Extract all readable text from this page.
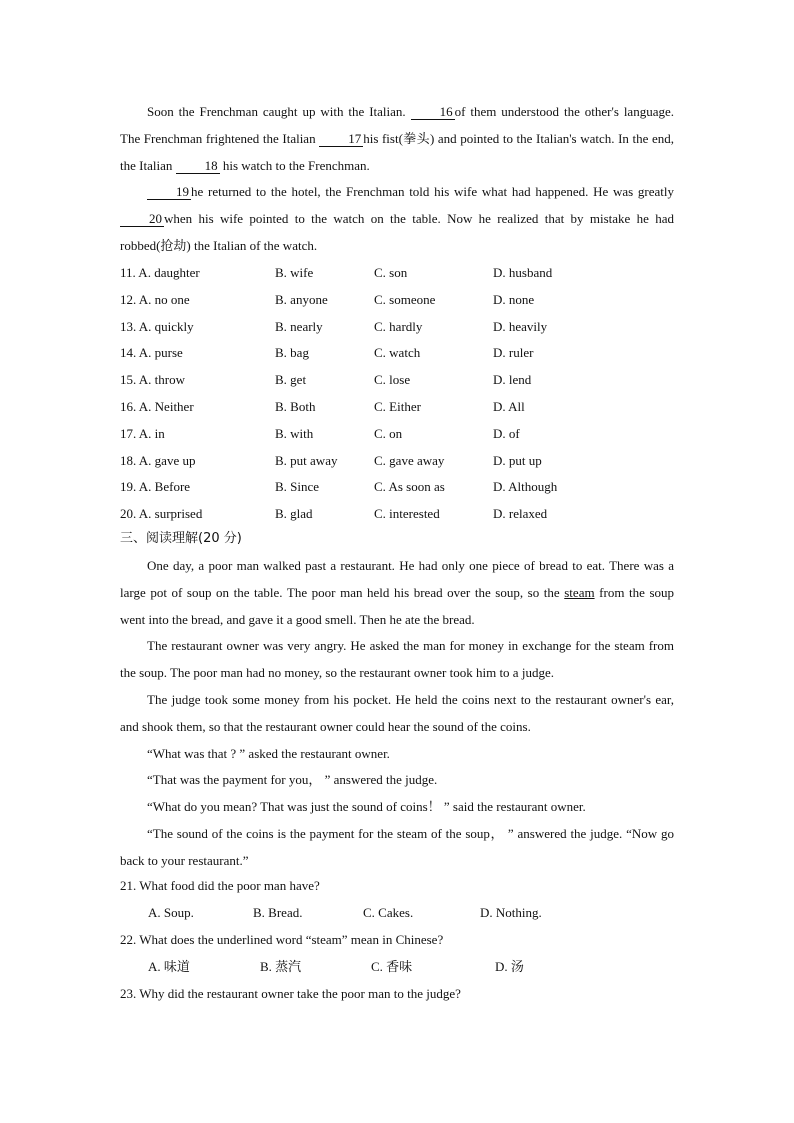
Soon the Frenchman caught up with the Italian.	16 of them understood the other's language. The Frenchman frightened the Italian	17 his fist(拳头) and pointed to the Italian's watch. In the end, the Italian 18 his watch to the Frenchman.

19 he returned to the hotel, the Frenchman told his wife what had happened. He was greatly20 when his wife pointed to the watch on the table. Now he realized that by mistake he had robbed(抢劫) the Italian of the watch.

11. A. daughter	B. wife	C. son	D. husband
12. A. no one	B. anyone	C. someone	D. none
13. A. quickly	B. nearly	C. hardly	D. heavily
14. A. purse	B. bag	C. watch	D. ruler
15. A. throw	B. get	C. lose	D. lend
16. A. Neither	B. Both	C. Either	D. All
17. A. in	B. with	C. on	D. of
18. A. gave up	B. put away	C. gave away	D. put up
19. A. Before	B. Since	C. As soon as	D. Although
20. A. surprised	B. glad	C. interested	D. relaxed
三、阅读理解(20 分)

One day, a poor man walked past a restaurant. He had only one piece of bread to eat. There was a large pot of soup on the table. The poor man held his bread over the soup, so the steam from the soup went into the bread, and gave it a good smell. Then he ate the bread.

The restaurant owner was very angry. He asked the man for money in exchange for the steam from the soup. The poor man had no money, so the restaurant owner took him to a judge.

The judge took some money from his pocket. He held the coins next to the restaurant owner's ear, and shook them, so that the restaurant owner could hear the sound of the coins.

“What was that ? ” asked the restaurant owner.

“That was the payment for you， ” answered the judge.

“What do you mean? That was just the sound of coins！ ” said the restaurant owner.

“The sound of the coins is the payment for the steam of the soup， ” answered the judge. “Now go back to your restaurant.”

21. What food did the poor man have?
A. Soup.	B. Bread.	C. Cakes.	D. Nothing.
22. What does the underlined word “steam” mean in Chinese?
A. 味道	B. 蒸汽	C. 香味	D. 汤
23. Why did the restaurant owner take the poor man to the judge?
